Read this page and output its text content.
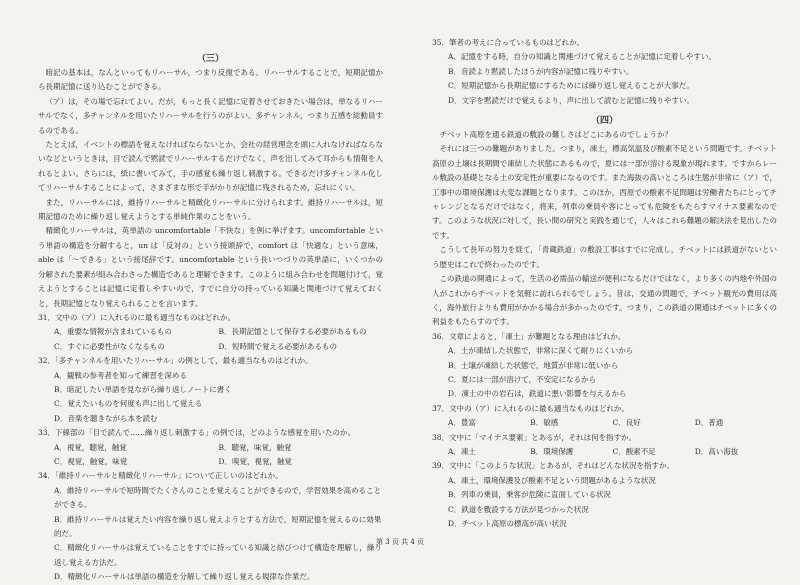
（三）

暗記の基本は，なんといってもリハーサル，つまり反復である。リハーサルすることで，短期記憶から長期記憶に送り込むことができる。

（ア）は，その場で忘れてよい。だが，もっと長く記憶に定着させておきたい場合は，単なるリハーサルでなく，多チャンネルを用いたリハーサルを行うのがよい。多チャンネル，つまり五感を総動員するのである。

たとえば，イベントの標語を覚えなければならないとか，会社の経営理念を頭に入れなければならないなどというときは，目で読んで黙読でリハーサルするだけでなく，声を出してみて耳からも情報を入れるとよい。さらには，紙に書いてみて，手の感覚も繰り返し刺激する。できるだけ多チャンネル化してリハーサルすることによって，さまざまな形で手がかりが記憶に残されるため，忘れにくい。

また，リハーサルには，維持リハーサルと精緻化リハーサルに分けられます。維持リハーサルは，短期記憶のために繰り返し覚えようとする単純作業のことをいう。

精緻化リハーサルは，英単語の uncomfortable「不快な」を例に挙げます。uncomfortable という単語の構造を分解すると，un は「反対の」という接頭辞で，comfort は「快適な」という意味，able は「〜できる」という接尾辞です。uncomfortable という長いつづりの英単語に，いくつかの分解された要素が組み合わさった構造であると理解できます。このように組み合わせを問題付けて，覚えようとすることは記憶に定着しやすいので，すでに自分の持っている知識と関連づけて覚えておくと，長期記憶となり覚えられることを言います。

31．文中の（ア）に入れるのに最も適当なものはどれか。

A．重要な情報が含まれているもの	B．長期記憶として保存する必要があるもの
C．すぐに必要性がなくなるもの	D．短時間で覚える必要があるもの

32．「多チャンネルを用いたリハーサル」の例として，最も適当なものはどれか。

A．観戦の参考者を知って練習を深める

B．暗記したい単語を見ながら繰り返しノートに書く

C．覚えたいものを何度も声に出して覚える

D．音楽を聴きながら本を読む

33．下線部の「目で読んで……繰り返し刺激する」の例では，どのような感覚を用いたのか。

A．視覚，聴覚，触覚	B．聴覚，味覚，触覚
C．視覚，触覚，味覚	D．嗅覚，視覚，触覚

34．「維持リハーサルと精緻化リハーサル」について正しいのはどれか。

A．維持リハーサルで短時間でたくさんのことを覚えることができるので，学習効果を高めることができる。

B．維持リハーサルは覚えたい内容を繰り返し覚えようとする方法で，短期記憶を覚えるのに効果的だ。

C．精緻化リハーサルは覚えていることをすでに持っている知識と結びつけて構造を理解し，繰り返し覚える方法だ。

D．精緻化リハーサルは単語の構造を分解して繰り返し覚える規律な作業だ。

35．筆者の考えに合っているものはどれか。

A．記憶をする時，自分の知識と関連づけて覚えることが記憶に定着しやすい。

B．音読より黙読したほうが内容が記憶に残りやすい。

C．短期記憶から長期記憶にするためには繰り返し覚えることが大事だ。

D．文字を黙読だけで覚えるより，声に出して読むと記憶に残りやすい。

（四）

チベット高原を通る鉄道の敷設の難しさはどこにあるのでしょうか？

それには三つの難題がありました。つまり，凍土，標高気温及び酸素不足という問題です。チベット高原の土壌は長期間で凍結した状態にあるもので，夏には一部が溶ける現象が現れます。ですからレール敷設の基礎となる土の安定性が重要になるのです。また海抜の高いところは生態が非常に（ア）で，工事中の環境保護は大変な課題となります。このほか，西原での酸素不足問題は労働者たちにとってチャレンジとなるだけではなく，将来，列車の乗員や客にとっても危険をもたらすマイナス要素なのです。このような状況に対して，長い間の研究と実践を通じて，人々はこれら難題の解決法を見出したのです。

こうして長年の努力を経て，「青蔵鉄道」の敷設工事はすでに完成し，チベットには鉄道がないという歴史はこれで終わったのです。

この鉄道の開通によって，生活の必需品の輸送が便利になるだけではなく，より多くの内地や外国の人がこれからチベットを気軽に訪れられるでしょう。昔は，交通の問題で，チベット観光の費用は高く，海外旅行よりも費用がかかる場合が多かったのです。つまり，この鉄道の開通はチベットに多くの利益をもたらすのです。

36．文章によると，「凍土」が難題となる理由はどれか。

A．土が凍結した状態で，非常に深くて耐りにくいから

B．土壌が凍結した状態で，地質が非常に低いから

C．夏には一部が溶けて，不安定になるから

D．凍土の中の岩石は，鉄道に悪い影響を与えるから

37．文中の（ア）に入れるのに最も適当なものはどれか。

A．豊富	B．敏感	C．良好	D．普通

38．文中に「マイナス要素」とあるが，それは何を指すか。

A．凍土	B．環境保護	C．酸素不足	D．高い海抜

39．文中に「このような状況」とあるが，それはどんな状況を指すか。

A．凍土，環境保護及び酸素不足という問題があるような状況

B．列車の乗員，乗客が危険に直面している状況

C．鉄道を敷設する方法が見つかった状況

D．チベット高原の標高が高い状況

第 3 页 共 4 页
